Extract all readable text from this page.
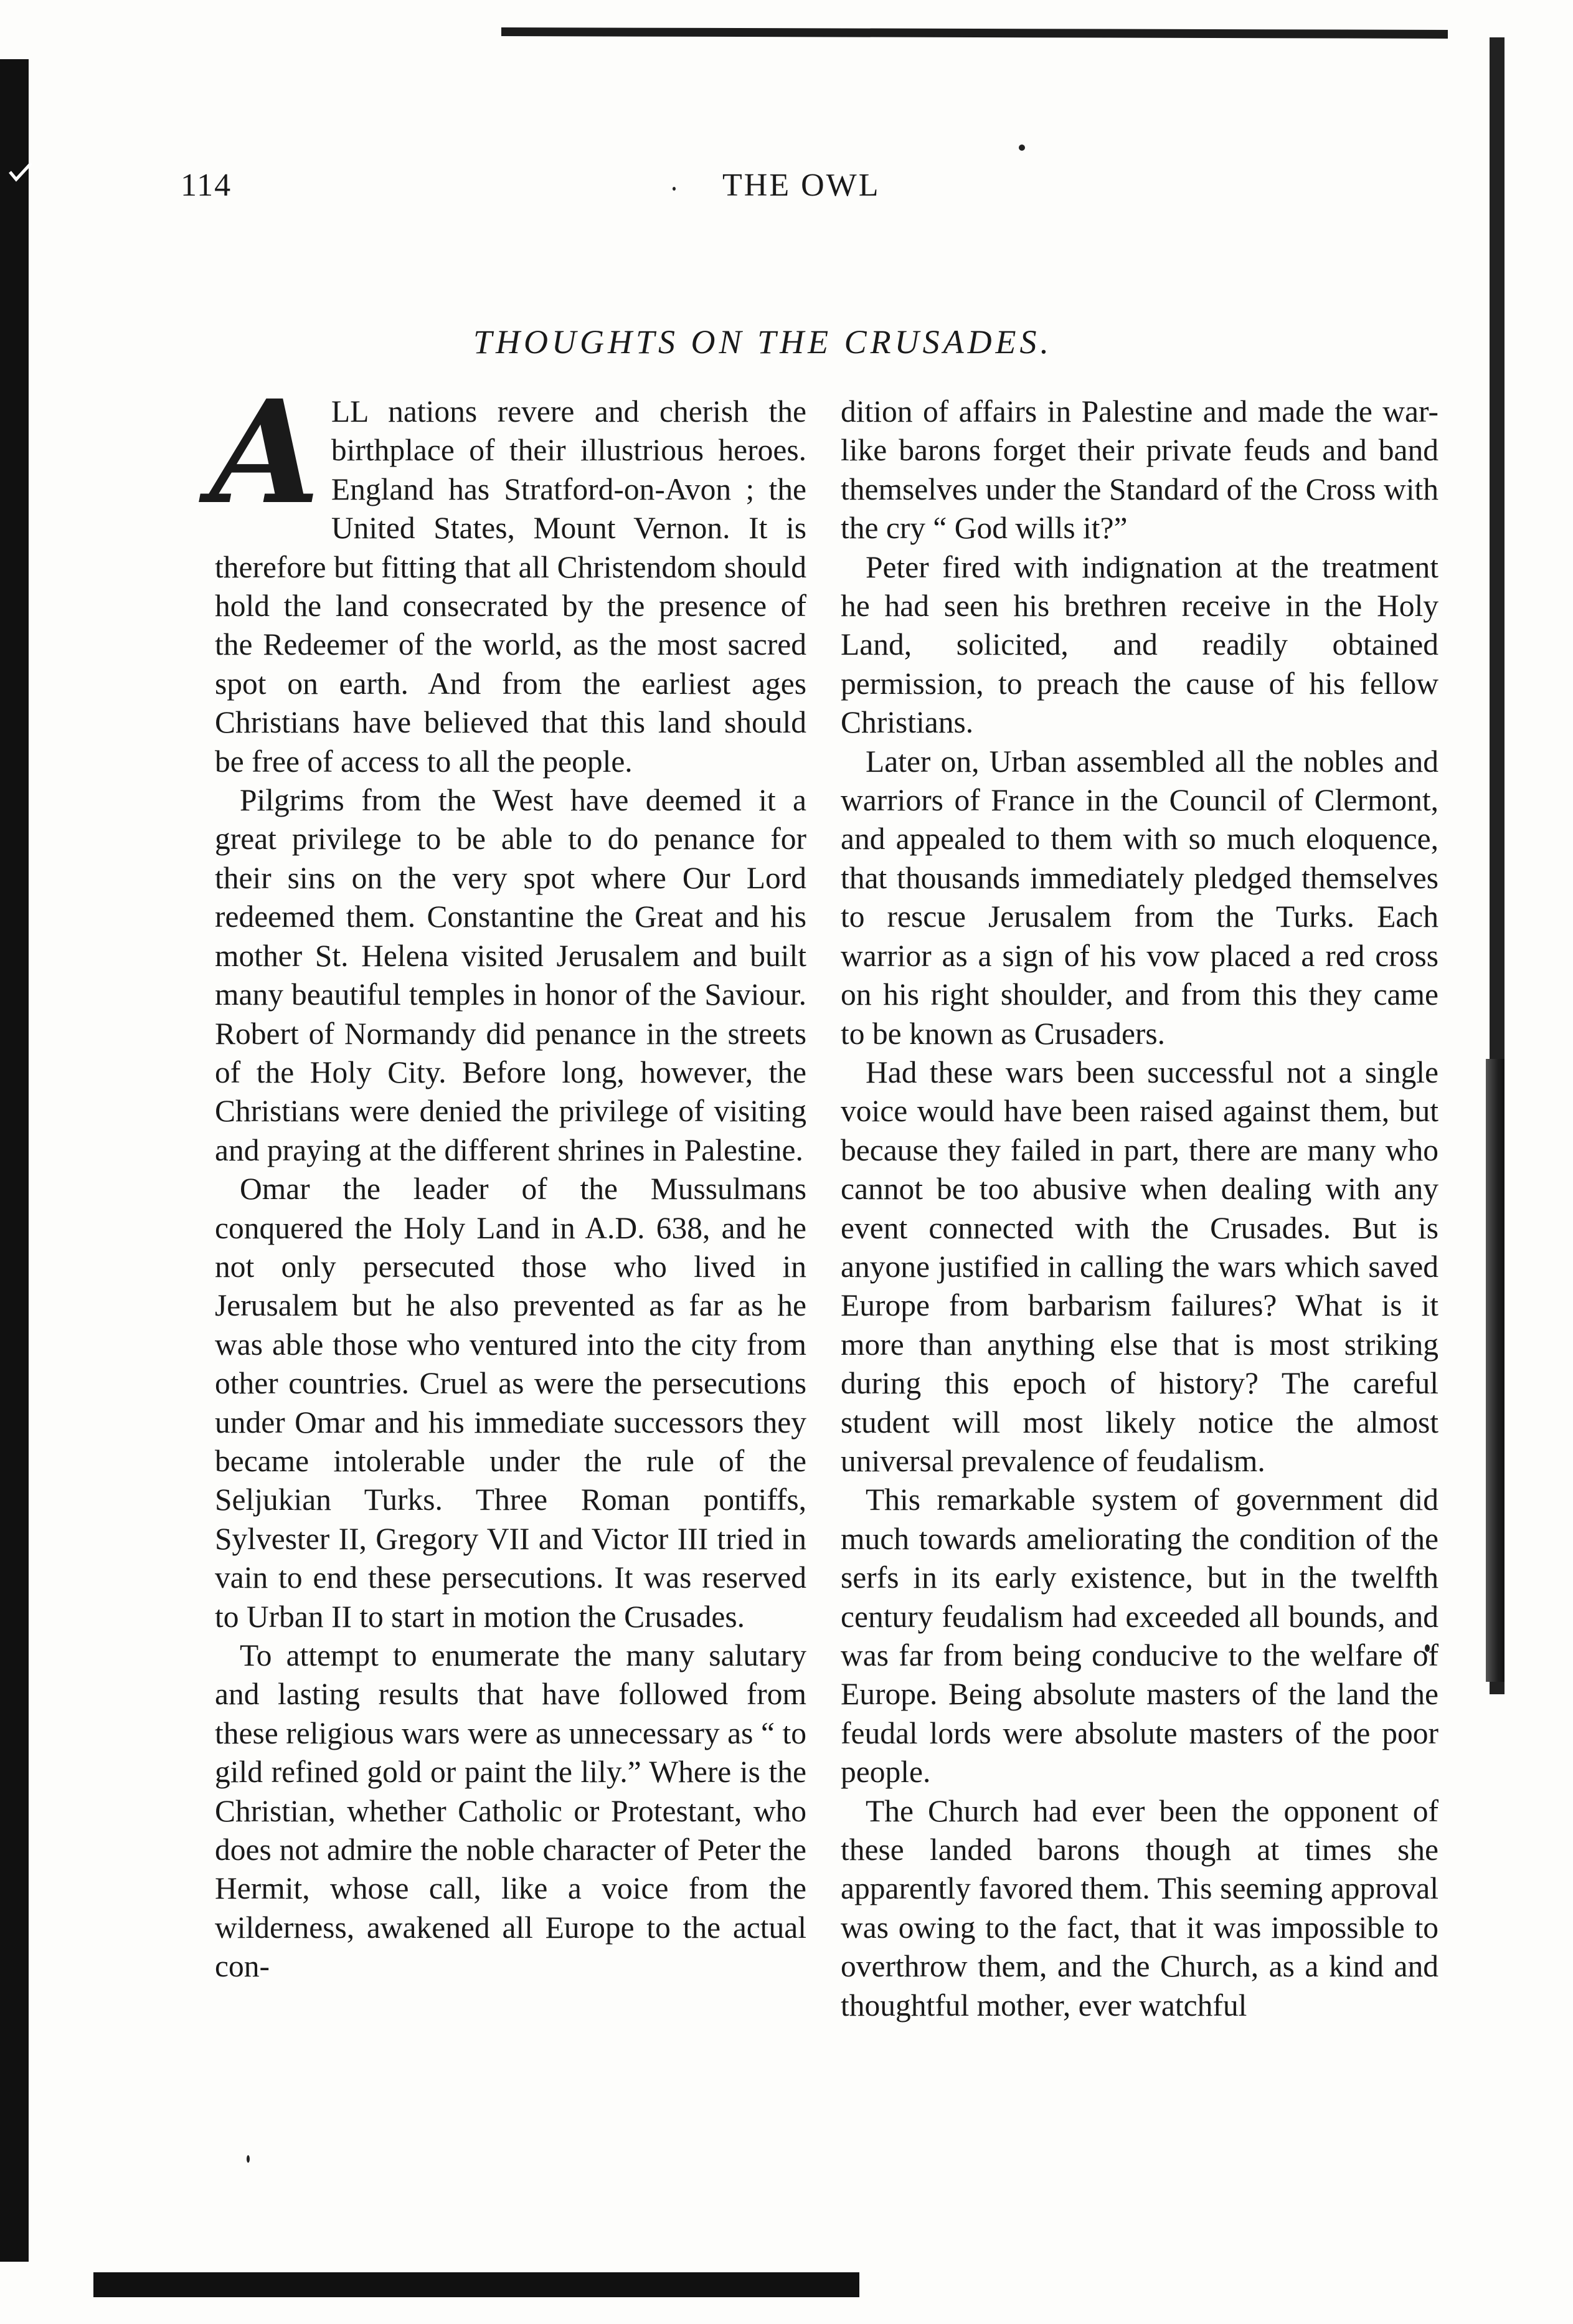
114	THE OWL
THOUGHTS ON THE CRUSADES.

A LL nations revere and cherish the birthplace of their illustrious heroes. England has Stratford-on-Avon ; the United States, Mount Vernon. It is therefore but fitting that all Christendom should hold the land consecrated by the presence of the Redeemer of the world, as the most sacred spot on earth. And from the earliest ages Christians have believed that this land should be free of access to all the people.

Pilgrims from the West have deemed it a great privilege to be able to do penance for their sins on the very spot where Our Lord redeemed them. Constantine the Great and his mother St. Helena visited Jerusalem and built many beautiful temples in honor of the Saviour. Robert of Normandy did penance in the streets of the Holy City. Before long, however, the Christians were denied the privilege of visiting and praying at the different shrines in Palestine.

Omar the leader of the Mussulmans conquered the Holy Land in A.D. 638, and he not only persecuted those who lived in Jerusalem but he also prevented as far as he was able those who ventured into the city from other countries. Cruel as were the persecutions under Omar and his immediate successors they became intolerable under the rule of the Seljukian Turks. Three Roman pontiffs, Sylvester II, Gregory VII and Victor III tried in vain to end these persecutions. It was reserved to Urban II to start in motion the Crusades.

To attempt to enumerate the many salutary and lasting results that have followed from these religious wars were as unnecessary as “ to gild refined gold or paint the lily.” Where is the Christian, whether Catholic or Protestant, who does not admire the noble character of Peter the Hermit, whose call, like a voice from the wilderness, awakened all Europe to the actual con-

dition of affairs in Palestine and made the war-like barons forget their private feuds and band themselves under the Standard of the Cross with the cry “ God wills it?”

Peter fired with indignation at the treatment he had seen his brethren receive in the Holy Land, solicited, and readily obtained permission, to preach the cause of his fellow Christians.

Later on, Urban assembled all the nobles and warriors of France in the Council of Clermont, and appealed to them with so much eloquence, that thousands immediately pledged themselves to rescue Jerusalem from the Turks. Each warrior as a sign of his vow placed a red cross on his right shoulder, and from this they came to be known as Crusaders.

Had these wars been successful not a single voice would have been raised against them, but because they failed in part, there are many who cannot be too abusive when dealing with any event connected with the Crusades. But is anyone justified in calling the wars which saved Europe from barbarism failures? What is it more than anything else that is most striking during this epoch of history? The careful student will most likely notice the almost universal prevalence of feudalism.

This remarkable system of government did much towards ameliorating the condition of the serfs in its early existence, but in the twelfth century feudalism had exceeded all bounds, and was far from being conducive to the welfare of Europe. Being absolute masters of the land the feudal lords were absolute masters of the poor people.

The Church had ever been the opponent of these landed barons though at times she apparently favored them. This seeming approval was owing to the fact, that it was impossible to overthrow them, and the Church, as a kind and thoughtful mother, ever watchful
